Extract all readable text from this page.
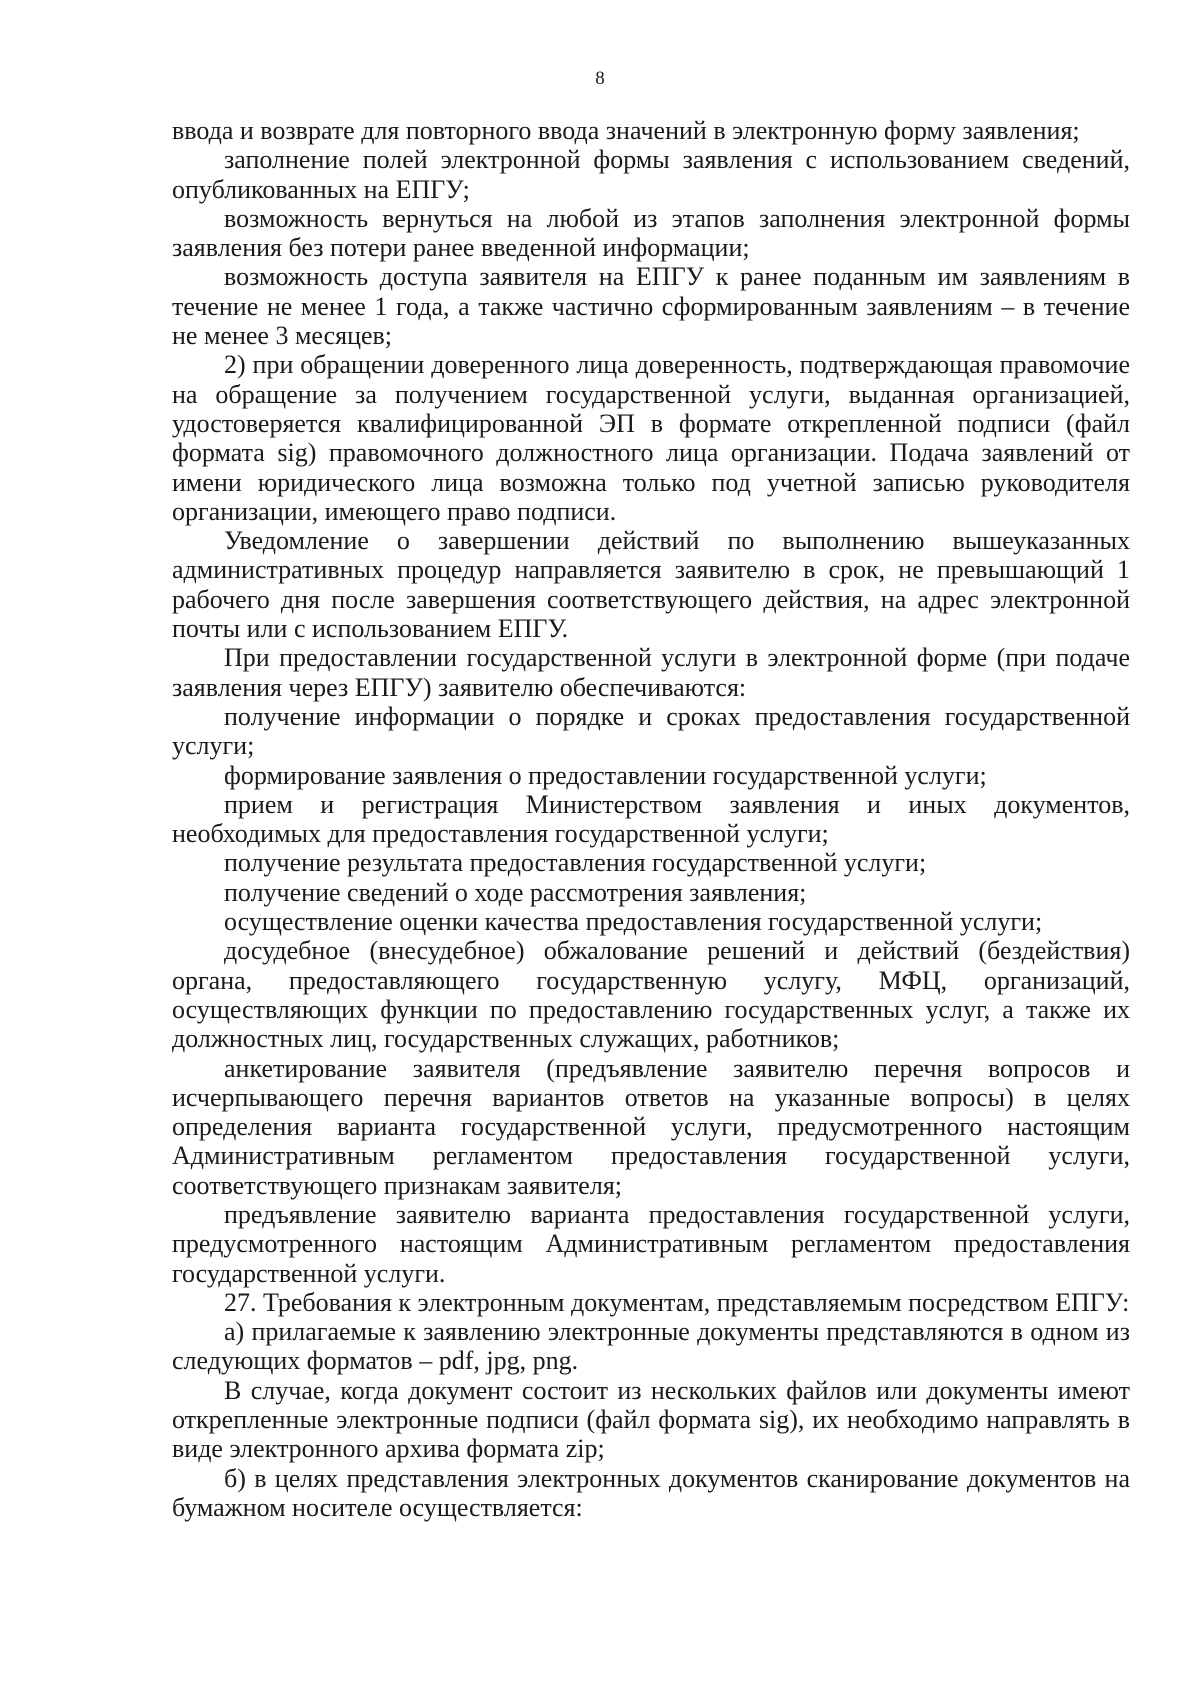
8

ввода и возврате для повторного ввода значений в электронную форму заявления;

заполнение полей электронной формы заявления с использованием сведений, опубликованных на ЕПГУ;

возможность вернуться на любой из этапов заполнения электронной формы заявления без потери ранее введенной информации;

возможность доступа заявителя на ЕПГУ к ранее поданным им заявлениям в течение не менее 1 года, а также частично сформированным заявлениям – в течение не менее 3 месяцев;

2) при обращении доверенного лица доверенность, подтверждающая правомочие на обращение за получением государственной услуги, выданная организацией, удостоверяется квалифицированной ЭП в формате открепленной подписи (файл формата sig) правомочного должностного лица организации. Подача заявлений от имени юридического лица возможна только под учетной записью руководителя организации, имеющего право подписи.

Уведомление о завершении действий по выполнению вышеуказанных административных процедур направляется заявителю в срок, не превышающий 1 рабочего дня после завершения соответствующего действия, на адрес электронной почты или с использованием ЕПГУ.

При предоставлении государственной услуги в электронной форме (при подаче заявления через ЕПГУ) заявителю обеспечиваются:

получение информации о порядке и сроках предоставления государственной услуги;

формирование заявления о предоставлении государственной услуги;

прием и регистрация Министерством заявления и иных документов, необходимых для предоставления государственной услуги;

получение результата предоставления государственной услуги;

получение сведений о ходе рассмотрения заявления;

осуществление оценки качества предоставления государственной услуги;

досудебное (внесудебное) обжалование решений и действий (бездействия) органа, предоставляющего государственную услугу, МФЦ, организаций, осуществляющих функции по предоставлению государственных услуг, а также их должностных лиц, государственных служащих, работников;

анкетирование заявителя (предъявление заявителю перечня вопросов и исчерпывающего перечня вариантов ответов на указанные вопросы) в целях определения варианта государственной услуги, предусмотренного настоящим Административным регламентом предоставления государственной услуги, соответствующего признакам заявителя;

предъявление заявителю варианта предоставления государственной услуги, предусмотренного настоящим Административным регламентом предоставления государственной услуги.

27. Требования к электронным документам, представляемым посредством ЕПГУ:

а) прилагаемые к заявлению электронные документы представляются в одном из следующих форматов – pdf, jpg, png.

В случае, когда документ состоит из нескольких файлов или документы имеют открепленные электронные подписи (файл формата sig), их необходимо направлять в виде электронного архива формата zip;

б) в целях представления электронных документов сканирование документов на бумажном носителе осуществляется:
